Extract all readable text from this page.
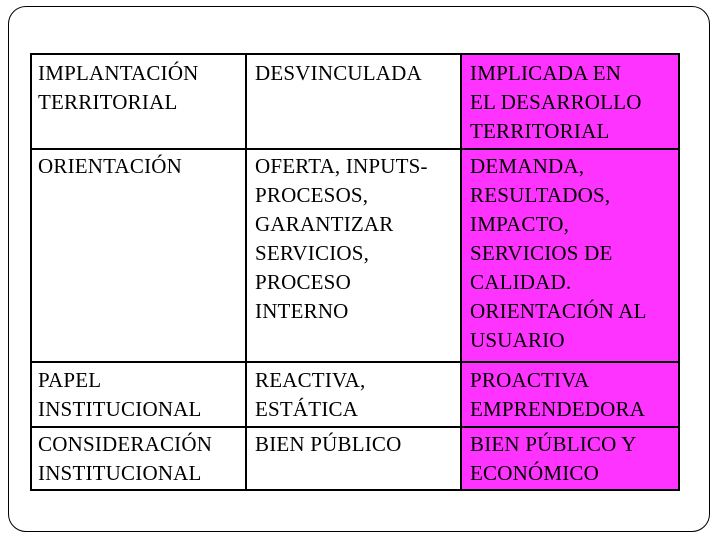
IMPLANTACIÓN
TERRITORIAL

DESVINCULADA IMPLICADA EN
EL DESARROLLO
TERRITORIAL

ORIENTACIÓN	OFERTA, INPUTS-
PROCESOS,
GARANTIZAR
SERVICIOS,
PROCESO
INTERNO

DEMANDA,
RESULTADOS,
IMPACTO,
SERVICIOS DE
CALIDAD.
ORIENTACIÓN AL
USUARIO

PAPEL
INSTITUCIONAL

REACTIVA,
ESTÁTICA

PROACTIVA
EMPRENDEDORA

CONSIDERACIÓN
INSTITUCIONAL

BIEN PÚBLICO	BIEN PÚBLICO Y
ECONÓMICO
